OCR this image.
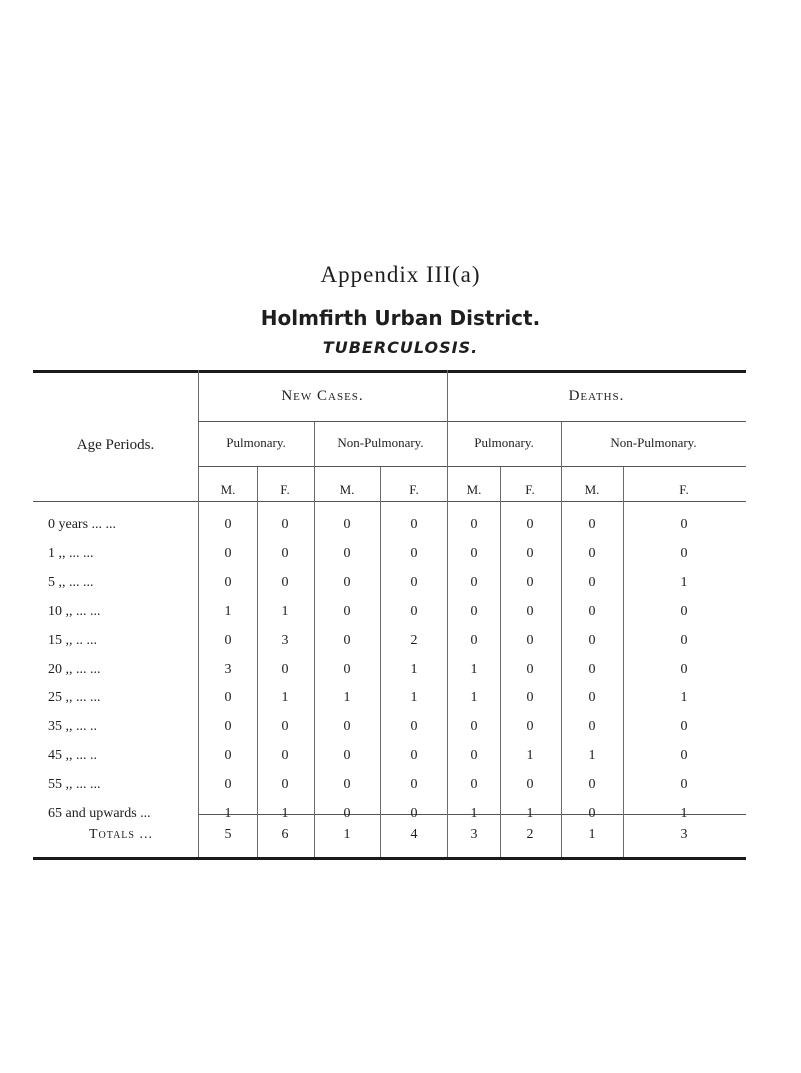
Appendix III(a)
Holmfirth Urban District.
TUBERCULOSIS.
Age Periods.
New Cases.	Deaths.
Pulmonary.	Non-Pulmonary.	Pulmonary.	Non-Pulmonary.
M.	F.	M.	F.	M.	F.	M.	F.
0 years ... ...	0	0	0	0	0	0	0	0
1 ,, ... ...	0	0	0	0	0	0	0	0
5 ,, ... ...	0	0	0	0	0	0	0	1
10 ,, ... ...	1	1	0	0	0	0	0	0
15 ,, .. ...	0	3	0	2	0	0	0	0
20 ,, ... ...	3	0	0	1	1	0	0	0
25 ,, ... ...	0	1	1	1	1	0	0	1
35 ,, ... ..	0	0	0	0	0	0	0	0
45 ,, ... ..	0	0	0	0	0	1	1	0
55 ,, ... ...	0	0	0	0	0	0	0	0
65 and upwards ...	1	1	0	0	1	1	0	1
Totals ...	5	6	1	4	3	2	1	3
